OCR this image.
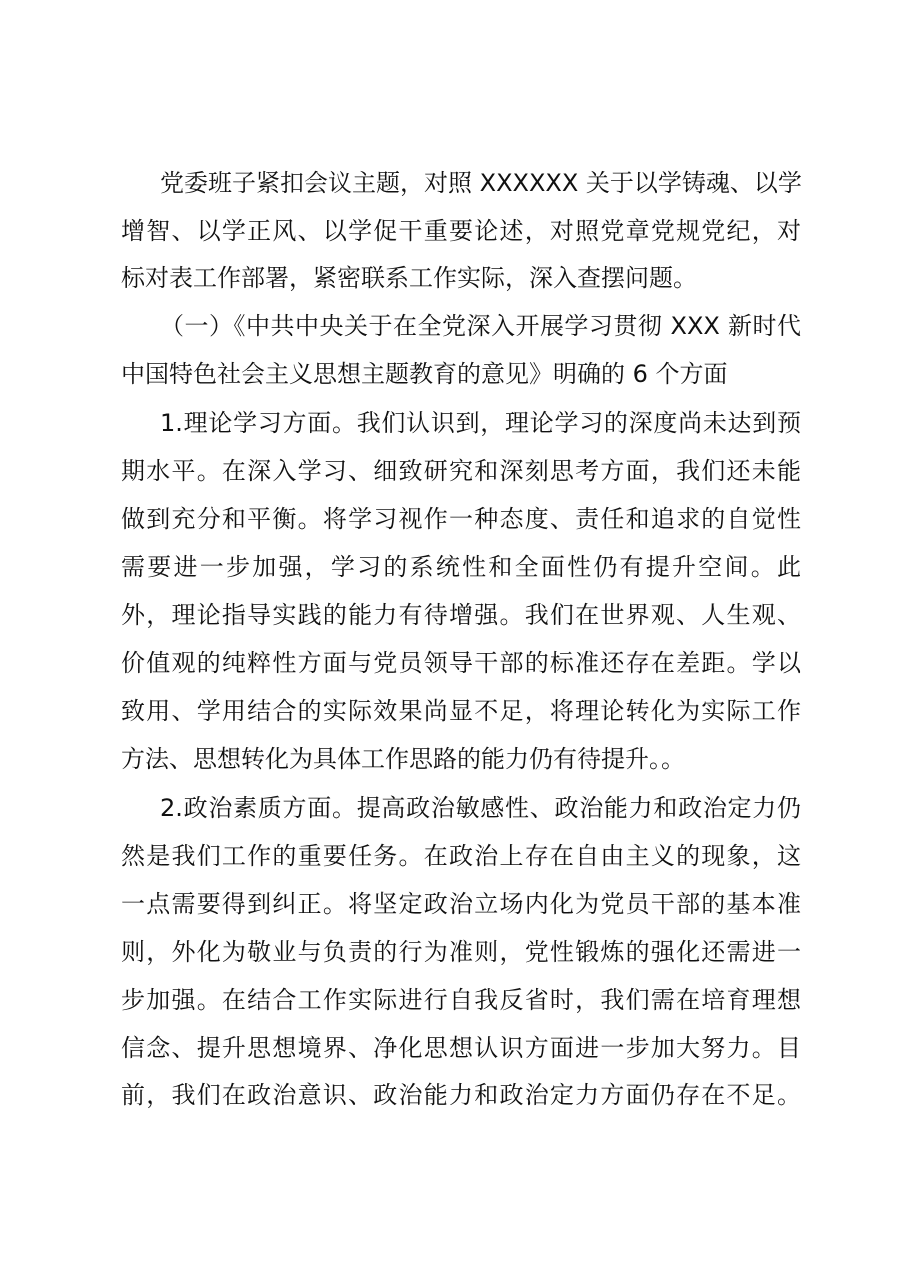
党委班子紧扣会议主题，对照 XXXXXX 关于以学铸魂、以学
增智、以学正风、以学促干重要论述，对照党章党规党纪，对
标对表工作部署，紧密联系工作实际，深入查摆问题。
（一）《中共中央关于在全党深入开展学习贯彻 XXX 新时代
中国特色社会主义思想主题教育的意见》明确的 6 个方面
1.理论学习方面。我们认识到，理论学习的深度尚未达到预
期水平。在深入学习、细致研究和深刻思考方面，我们还未能
做到充分和平衡。将学习视作一种态度、责任和追求的自觉性
需要进一步加强，学习的系统性和全面性仍有提升空间。此
外，理论指导实践的能力有待增强。我们在世界观、人生观、
价值观的纯粹性方面与党员领导干部的标准还存在差距。学以
致用、学用结合的实际效果尚显不足，将理论转化为实际工作
方法、思想转化为具体工作思路的能力仍有待提升。。
2.政治素质方面。提高政治敏感性、政治能力和政治定力仍
然是我们工作的重要任务。在政治上存在自由主义的现象，这
一点需要得到纠正。将坚定政治立场内化为党员干部的基本准
则，外化为敬业与负责的行为准则，党性锻炼的强化还需进一
步加强。在结合工作实际进行自我反省时，我们需在培育理想
信念、提升思想境界、净化思想认识方面进一步加大努力。目
前，我们在政治意识、政治能力和政治定力方面仍存在不足。
